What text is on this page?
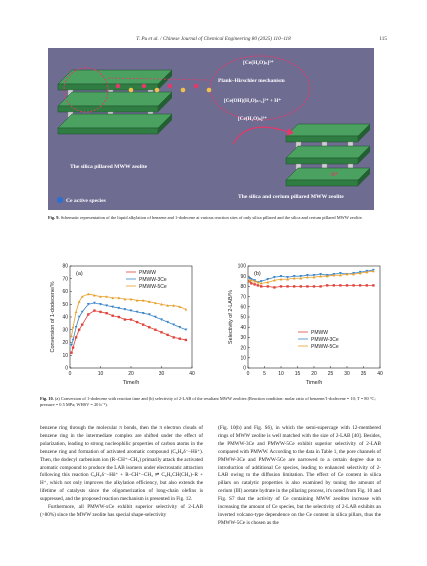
T. Pu et al. / Chinese Journal of Chemical Engineering 80 (2025) 110–118	115
[Ce(H₂O)ₙ]³⁺
Plank–Hirschler mechanism
[Ce(OH)(H₂O)ₙ₋₁]²⁺ + H⁺
[Ce(H₂O)ₙ]³⁺
H⁺
The silica pillared MWW zeolite
The silica and cerium pillared MWW zeolite
Ce active species
Fig. 9. Schematic representation of the liquid alkylation of benzene and 1-dodecene at various reaction sites of only silica pillared and the silica and cerium pillared MWW zeolite.
0	10	20	30	40
0
10
20
30
40
50
60
70
80
Time/h
Conversion of 1-dodecene/%
(a)	PMWW
PMWW-3Ce
PMWW-5Ce
0	5 10 15 20 25 30 35 40
0
10
20
30
40
50
60
70
80
90
100
Time/h
Selectivity of 2-LAB/%
(b)
PMWW
PMWW-3Ce
PMWW-5Ce
Fig. 10. (a) Conversion of 1-dodecene with reaction time and (b) selectivity of 2-LAB of the resultant MWW zeolites (Reaction condition: molar ratio of benzene/1-dodecene = 10; T = 80 °C; pressure = 0.5 MPa; WHSV = 20 h⁻¹).

benzene ring through the molecular π bonds, then the π electron clouds of benzene ring in the intermediate complex are shifted under the effect of polarization, leading to strong nucleophilic properties of carbon atoms in the benzene ring and formation of activated aromatic compound (C₆H₆δ⁻–Hδ⁺). Then, the dodecyl carbenium ion (R–CH⁺–CH₃) primarily attack the activated aromatic compound to produce the LAB isomers under electrostatic attraction following this reaction C₆H₅δ⁻–Hδ⁺ + R–CH⁺–CH₃ ⇌ C₆H₅CH(CH₃)–R + H⁺, which not only improves the alkylation efficiency, but also extends the lifetime of catalysts since the oligomerization of long-chain olefins is suppressed, and the proposed reaction mechanism is presented in Fig. 12.

Furthermore, all PMWW-xCe exhibit superior selectivity of 2-LAB (>80%) since the MWW zeolite has special shape-selectivity

(Fig. 10(b) and Fig. S6), in which the semi-supercage with 12-membered rings of MWW zeolite is well matched with the size of 2-LAB [40]. Besides, the PMWW-3Ce and PMWW-5Ce exhibit superior selectivity of 2-LAB compared with PMWW. According to the data in Table 1, the pore channels of PMWW-3Ce and PMWW-5Ce are narrowed to a certain degree due to introduction of additional Ce species, leading to enhanced selectivity of 2-LAB owing to the diffusion limitation. The effect of Ce content in silica pillars on catalytic properties is also examined by tuning the amount of cerium (III) acetate hydrate in the pillaring process, it's noted from Fig. 10 and Fig. S7 that the activity of Ce containing MWW zeolites increase with increasing the amount of Ce species, but the selectivity of 2-LAB exhibits an inverted volcano-type dependence on the Ce content in silica pillars, thus the PMWW-5Ce is chosen as the
